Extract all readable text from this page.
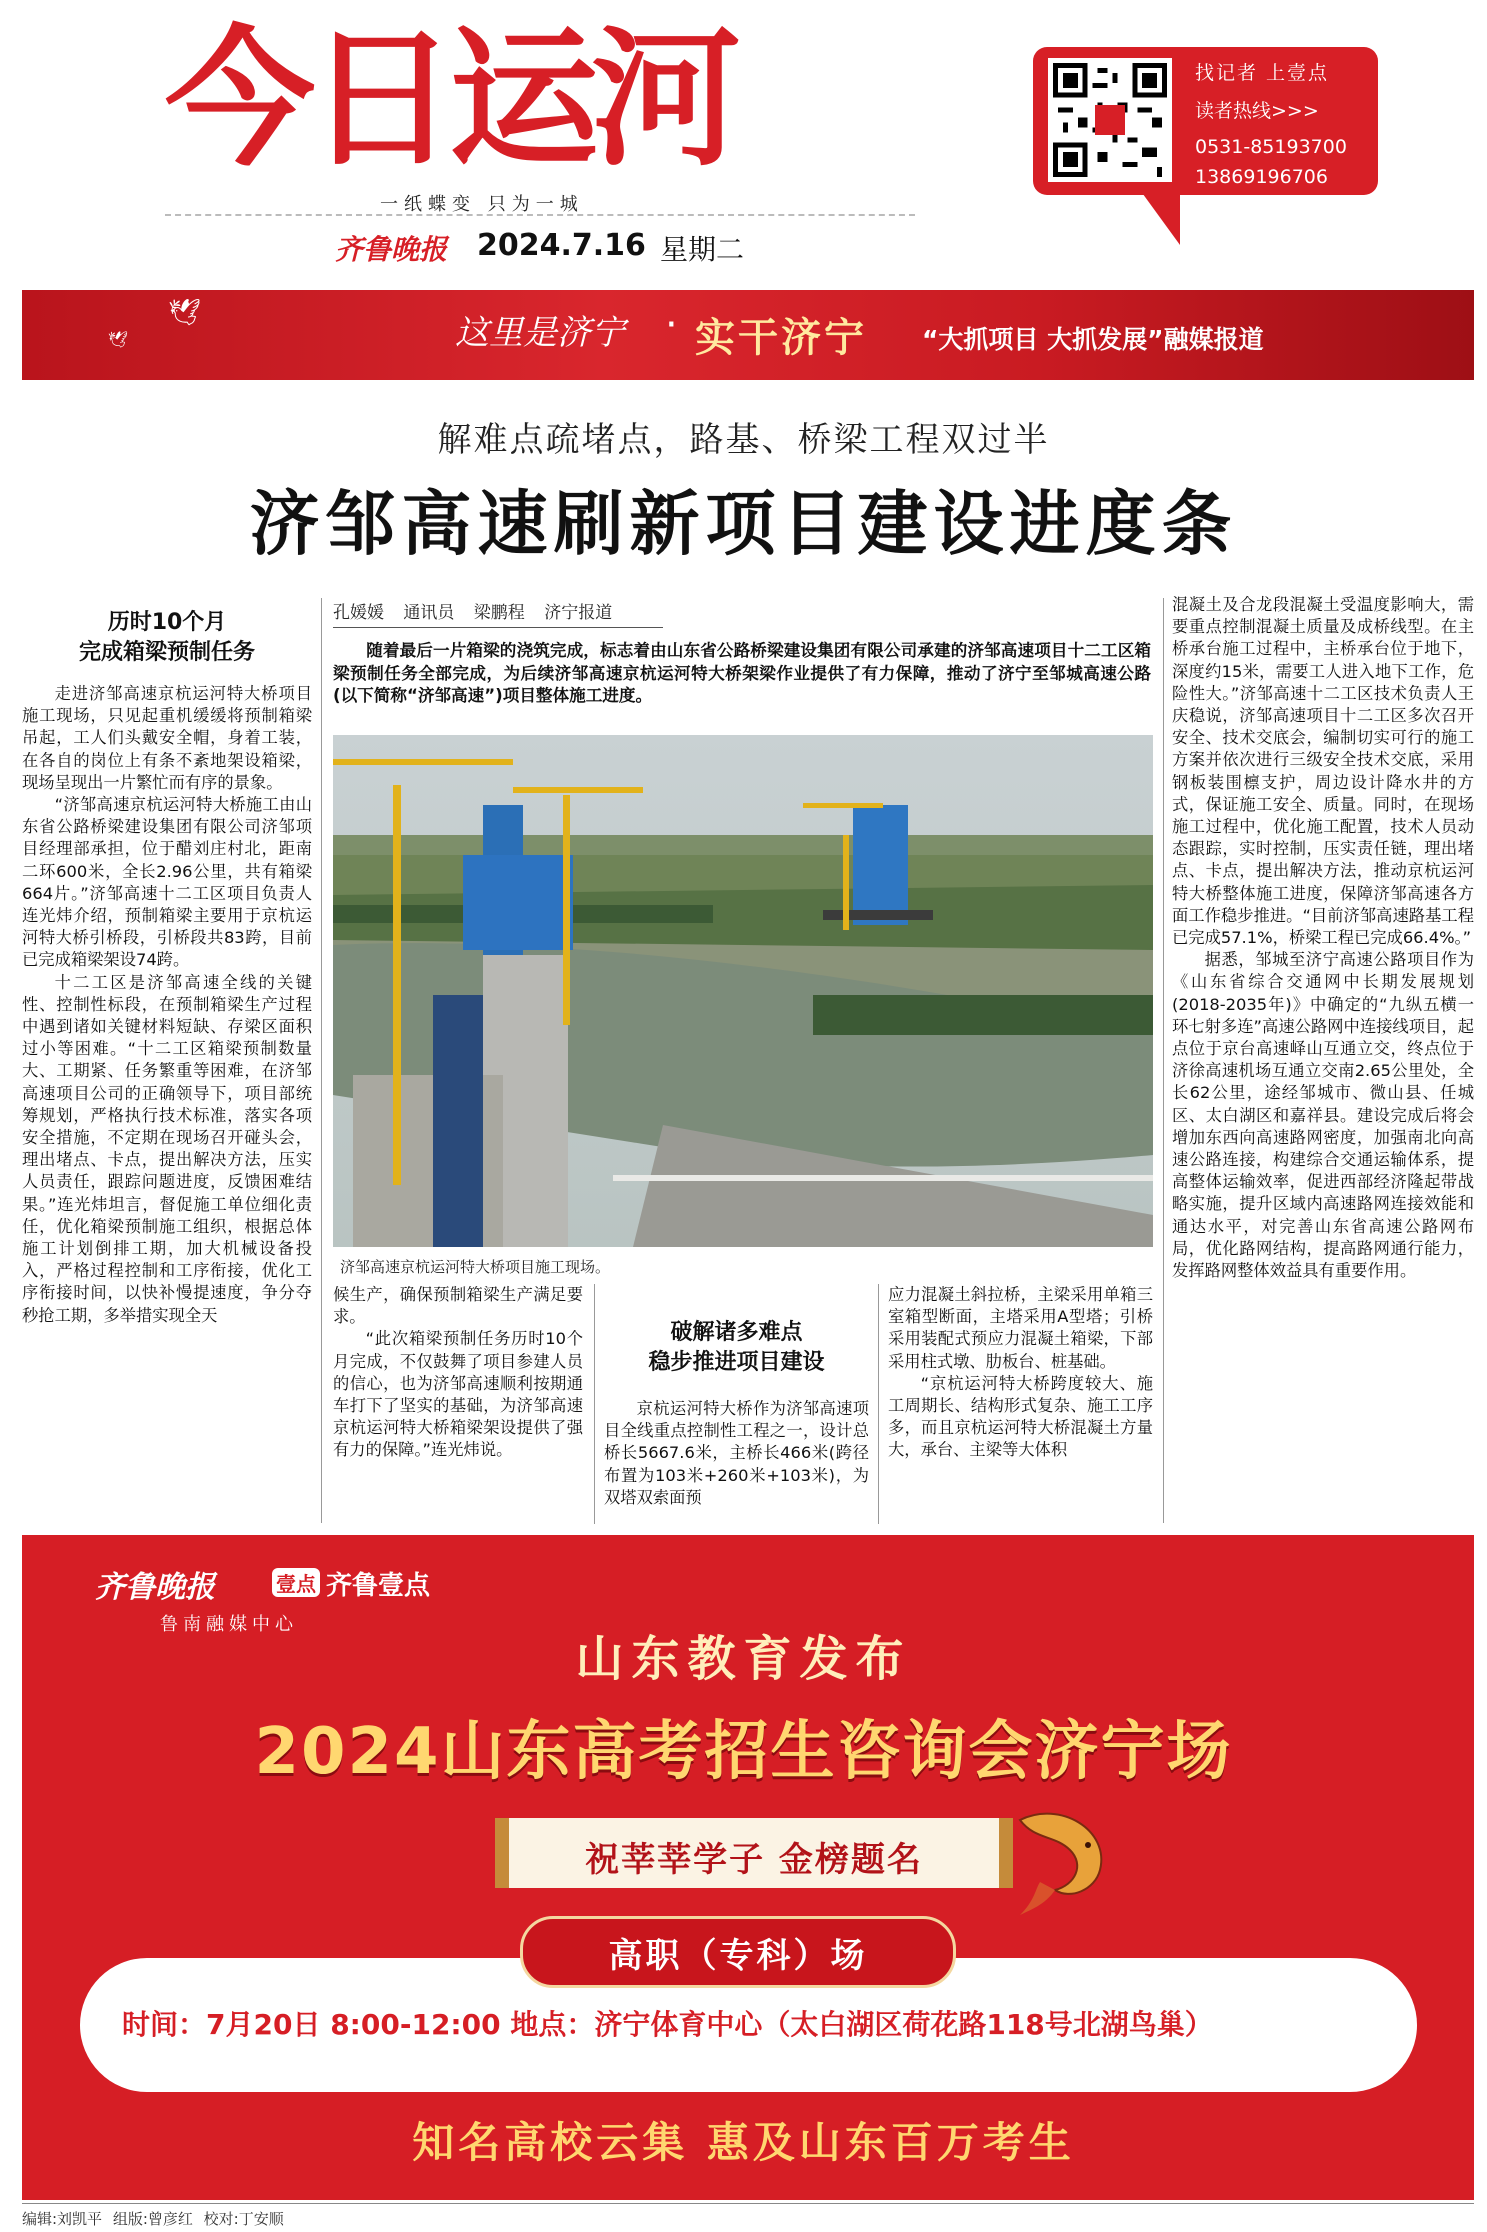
今日运河
一纸蝶变 只为一城
齐鲁晚报 2024.7.16 星期二
找记者 上壹点
读者热线>>>
0531-85193700
13869196706
🕊
🕊	这里是济宁 · 实干济宁 “大抓项目 大抓发展”融媒报道
解难点疏堵点，路基、桥梁工程双过半
济邹高速刷新项目建设进度条
历时10个月
完成箱梁预制任务

走进济邹高速京杭运河特大桥项目施工现场，只见起重机缓缓将预制箱梁吊起，工人们头戴安全帽，身着工装，在各自的岗位上有条不紊地架设箱梁，现场呈现出一片繁忙而有序的景象。

“济邹高速京杭运河特大桥施工由山东省公路桥梁建设集团有限公司济邹项目经理部承担，位于醋刘庄村北，距南二环600米，全长2.96公里，共有箱梁664片。”济邹高速十二工区项目负责人连光炜介绍，预制箱梁主要用于京杭运河特大桥引桥段，引桥段共83跨，目前已完成箱梁架设74跨。

十二工区是济邹高速全线的关键性、控制性标段，在预制箱梁生产过程中遇到诸如关键材料短缺、存梁区面积过小等困难。“十二工区箱梁预制数量大、工期紧、任务繁重等困难，在济邹高速项目公司的正确领导下，项目部统筹规划，严格执行技术标准，落实各项安全措施，不定期在现场召开碰头会，理出堵点、卡点，提出解决方法，压实人员责任，跟踪问题进度，反馈困难结果。”连光炜坦言，督促施工单位细化责任，优化箱梁预制施工组织，根据总体施工计划倒排工期，加大机械设备投入，严格过程控制和工序衔接，优化工序衔接时间，以快补慢提速度，争分夺秒抢工期，多举措实现全天

孔媛媛 通讯员 梁鹏程 济宁报道

随着最后一片箱梁的浇筑完成，标志着由山东省公路桥梁建设集团有限公司承建的济邹高速项目十二工区箱梁预制任务全部完成，为后续济邹高速京杭运河特大桥架梁作业提供了有力保障，推动了济宁至邹城高速公路(以下简称“济邹高速”)项目整体施工进度。

济邹高速京杭运河特大桥项目施工现场。

候生产，确保预制箱梁生产满足要求。

“此次箱梁预制任务历时10个月完成，不仅鼓舞了项目参建人员的信心，也为济邹高速顺利按期通车打下了坚实的基础，为济邹高速京杭运河特大桥箱梁架设提供了强有力的保障。”连光炜说。

破解诸多难点
稳步推进项目建设

京杭运河特大桥作为济邹高速项目全线重点控制性工程之一，设计总桥长5667.6米，主桥长466米(跨径布置为103米+260米+103米)，为双塔双索面预

应力混凝土斜拉桥，主梁采用单箱三室箱型断面，主塔采用A型塔；引桥采用装配式预应力混凝土箱梁，下部采用柱式墩、肋板台、桩基础。

“京杭运河特大桥跨度较大、施工周期长、结构形式复杂、施工工序多，而且京杭运河特大桥混凝土方量大，承台、主梁等大体积

混凝土及合龙段混凝土受温度影响大，需要重点控制混凝土质量及成桥线型。在主桥承台施工过程中，主桥承台位于地下，深度约15米，需要工人进入地下工作，危险性大。”济邹高速十二工区技术负责人王庆稳说，济邹高速项目十二工区多次召开安全、技术交底会，编制切实可行的施工方案并依次进行三级安全技术交底，采用钢板装围檩支护，周边设计降水井的方式，保证施工安全、质量。同时，在现场施工过程中，优化施工配置，技术人员动态跟踪，实时控制，压实责任链，理出堵点、卡点，提出解决方法，推动京杭运河特大桥整体施工进度，保障济邹高速各方面工作稳步推进。“目前济邹高速路基工程已完成57.1%，桥梁工程已完成66.4%。”

据悉，邹城至济宁高速公路项目作为《山东省综合交通网中长期发展规划(2018-2035年)》中确定的“九纵五横一环七射多连”高速公路网中连接线项目，起点位于京台高速峄山互通立交，终点位于济徐高速机场互通立交南2.65公里处，全长62公里，途经邹城市、微山县、任城区、太白湖区和嘉祥县。建设完成后将会增加东西向高速路网密度，加强南北向高速公路连接，构建综合交通运输体系，提高整体运输效率，促进西部经济隆起带战略实施，提升区域内高速路网连接效能和通达水平，对完善山东省高速公路网布局，优化路网结构，提高路网通行能力，发挥路网整体效益具有重要作用。

齐鲁晚报	壹点 齐鲁壹点
鲁南融媒中心
山东教育发布
2024山东高考招生咨询会济宁场
祝莘莘学子 金榜题名
高职（专科）场
时间：7月20日 8:00-12:00 地点：济宁体育中心（太白湖区荷花路118号北湖鸟巢）
知名高校云集 惠及山东百万考生
编辑:刘凯平 组版:曾彦红 校对:丁安顺
